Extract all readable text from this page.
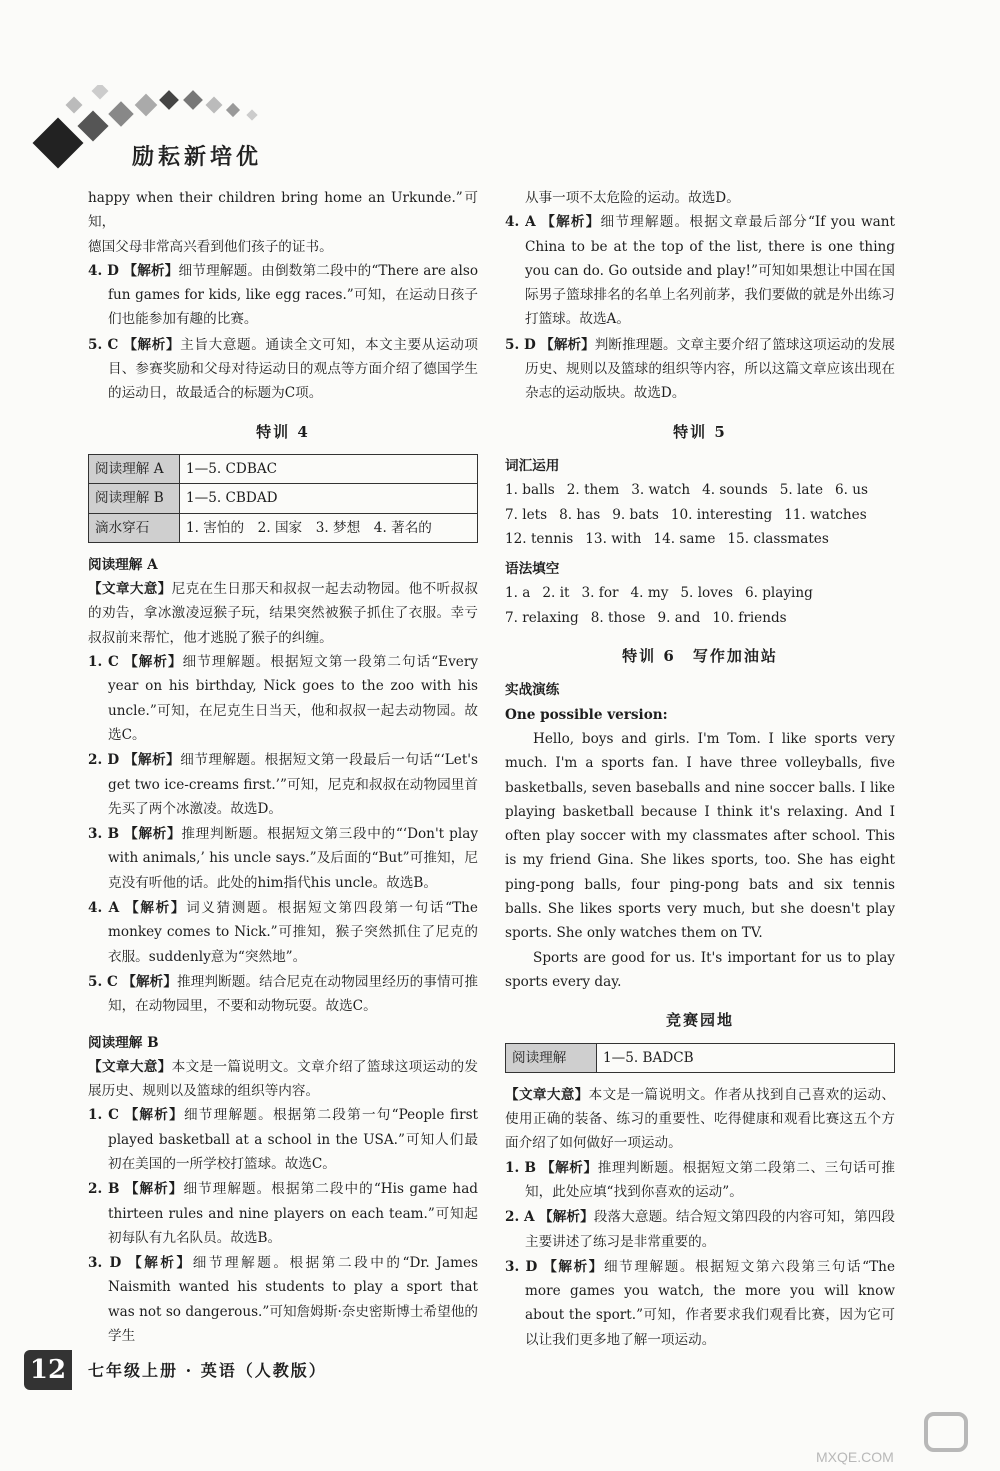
励耘新培优

happy when their children bring home an Urkunde.”可知，

德国父母非常高兴看到他们孩子的证书。

4. D 【解析】细节理解题。由倒数第二段中的“There are also fun games for kids, like egg races.”可知，在运动日孩子们也能参加有趣的比赛。
5. C 【解析】主旨大意题。通读全文可知，本文主要从运动项目、参赛奖励和父母对待运动日的观点等方面介绍了德国学生的运动日，故最适合的标题为C项。
特训 4
阅读理解 A	1—5. CDBAC
阅读理解 B	1—5. CBDAD
滴水穿石	1. 害怕的　2. 国家　3. 梦想　4. 著名的
阅读理解 A

【文章大意】尼克在生日那天和叔叔一起去动物园。他不听叔叔的劝告，拿冰激凌逗猴子玩，结果突然被猴子抓住了衣服。幸亏叔叔前来帮忙，他才逃脱了猴子的纠缠。

1. C 【解析】细节理解题。根据短文第一段第二句话“Every year on his birthday, Nick goes to the zoo with his uncle.”可知，在尼克生日当天，他和叔叔一起去动物园。故选C。
2. D 【解析】细节理解题。根据短文第一段最后一句话“‘Let's get two ice-creams first.’”可知，尼克和叔叔在动物园里首先买了两个冰激凌。故选D。
3. B 【解析】推理判断题。根据短文第三段中的“‘Don't play with animals,’ his uncle says.”及后面的“But”可推知，尼克没有听他的话。此处的him指代his uncle。故选B。
4. A 【解析】词义猜测题。根据短文第四段第一句话“The monkey comes to Nick.”可推知，猴子突然抓住了尼克的衣服。suddenly意为“突然地”。
5. C 【解析】推理判断题。结合尼克在动物园里经历的事情可推知，在动物园里，不要和动物玩耍。故选C。
阅读理解 B

【文章大意】本文是一篇说明文。文章介绍了篮球这项运动的发展历史、规则以及篮球的组织等内容。

1. C 【解析】细节理解题。根据第二段第一句“People first played basketball at a school in the USA.”可知人们最初在美国的一所学校打篮球。故选C。
2. B 【解析】细节理解题。根据第二段中的“His game had thirteen rules and nine players on each team.”可知起初每队有九名队员。故选B。
3. D 【解析】细节理解题。根据第二段中的“Dr. James Naismith wanted his students to play a sport that was not so dangerous.”可知詹姆斯·奈史密斯博士希望他的学生

从事一项不太危险的运动。故选D。

4. A 【解析】细节理解题。根据文章最后部分“If you want China to be at the top of the list, there is one thing you can do. Go outside and play!”可知如果想让中国在国际男子篮球排名的名单上名列前茅，我们要做的就是外出练习打篮球。故选A。
5. D 【解析】判断推理题。文章主要介绍了篮球这项运动的发展历史、规则以及篮球的组织等内容，所以这篇文章应该出现在杂志的运动版块。故选D。
特训 5
词汇运用
1. balls 2. them 3. watch 4. sounds 5. late 6. us
7. lets 8. has 9. bats 10. interesting 11. watches
12. tennis 13. with 14. same 15. classmates
语法填空
1. a 2. it 3. for 4. my 5. loves 6. playing
7. relaxing 8. those 9. and 10. friends
特训 6　写作加油站
实战演练
One possible version:

Hello, boys and girls. I'm Tom. I like sports very much. I'm a sports fan. I have three volleyballs, five basketballs, seven baseballs and nine soccer balls. I like playing basketball because I think it's relaxing. And I often play soccer with my classmates after school. This is my friend Gina. She likes sports, too. She has eight ping-pong balls, four ping-pong bats and six tennis balls. She likes sports very much, but she doesn't play sports. She only watches them on TV.

Sports are good for us. It's important for us to play sports every day.

竞赛园地
阅读理解	1—5. BADCB

【文章大意】本文是一篇说明文。作者从找到自己喜欢的运动、使用正确的装备、练习的重要性、吃得健康和观看比赛这五个方面介绍了如何做好一项运动。

1. B 【解析】推理判断题。根据短文第二段第二、三句话可推知，此处应填“找到你喜欢的运动”。
2. A 【解析】段落大意题。结合短文第四段的内容可知，第四段主要讲述了练习是非常重要的。
3. D 【解析】细节理解题。根据短文第六段第三句话“The more games you watch, the more you will know about the sport.”可知，作者要求我们观看比赛，因为它可以让我们更多地了解一项运动。
12	七年级上册 · 英语（人教版）
MXQE.COM
